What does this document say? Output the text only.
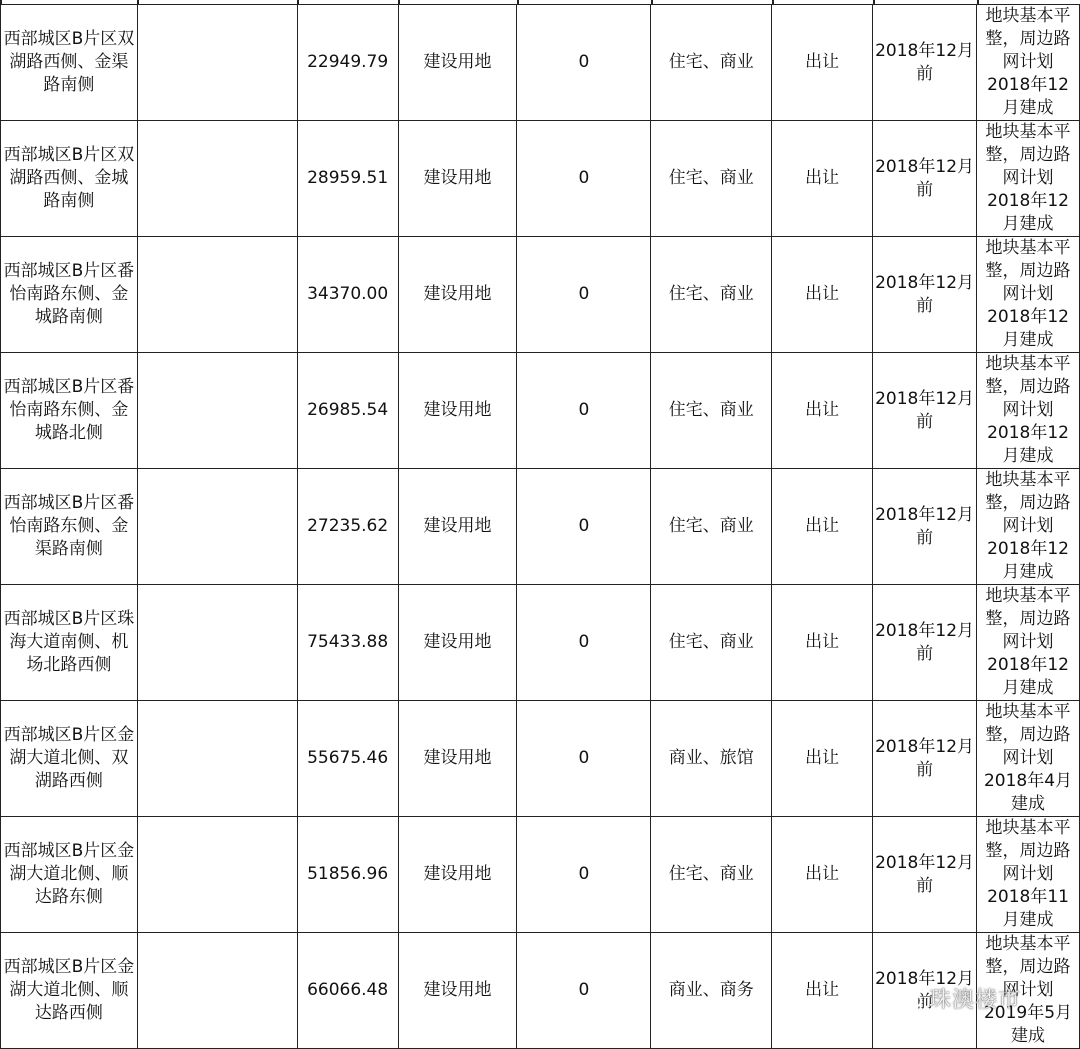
西部城区B片区双湖路西侧、金渠路南侧		22949.79	建设用地	0	住宅、商业	出让	2018年12月前	地块基本平
整，周边路
网计划
2018年12
月建成

西部城区B片区双湖路西侧、金城路南侧		28959.51	建设用地	0	住宅、商业	出让	2018年12月前	地块基本平
整，周边路
网计划
2018年12
月建成

西部城区B片区番怡南路东侧、金城路南侧		34370.00	建设用地	0	住宅、商业	出让	2018年12月前	地块基本平
整，周边路
网计划
2018年12
月建成

西部城区B片区番怡南路东侧、金城路北侧		26985.54	建设用地	0	住宅、商业	出让	2018年12月前	地块基本平
整，周边路
网计划
2018年12
月建成

西部城区B片区番怡南路东侧、金渠路南侧		27235.62	建设用地	0	住宅、商业	出让	2018年12月前	地块基本平
整，周边路
网计划
2018年12
月建成

西部城区B片区珠海大道南侧、机场北路西侧		75433.88	建设用地	0	住宅、商业	出让	2018年12月前	地块基本平
整，周边路
网计划
2018年12
月建成

西部城区B片区金湖大道北侧、双湖路西侧		55675.46	建设用地	0	商业、旅馆	出让	2018年12月前	地块基本平
整，周边路
网计划
2018年4月
建成

西部城区B片区金湖大道北侧、顺达路东侧		51856.96	建设用地	0	住宅、商业	出让	2018年12月前	地块基本平
整，周边路
网计划
2018年11
月建成

西部城区B片区金湖大道北侧、顺达路西侧		66066.48	建设用地	0	商业、商务	出让	2018年12月前	地块基本平
整，周边路
网计划
2019年5月
建成
珠澳楼市
